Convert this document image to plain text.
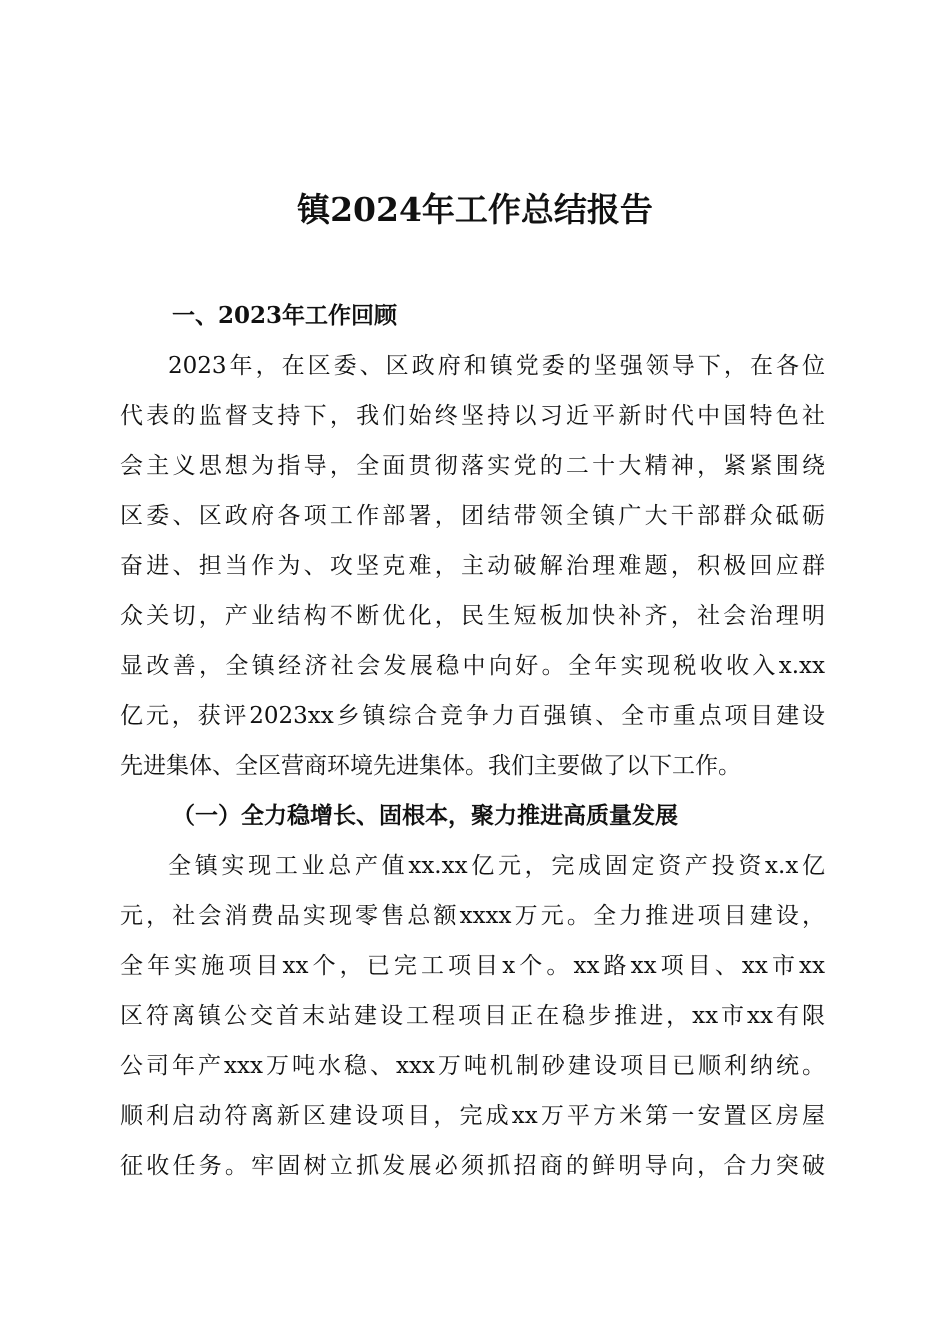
镇2024年工作总结报告
一、2023年工作回顾
2023年，在区委、区政府和镇党委的坚强领导下，在各位
代表的监督支持下，我们始终坚持以习近平新时代中国特色社
会主义思想为指导，全面贯彻落实党的二十大精神，紧紧围绕
区委、区政府各项工作部署，团结带领全镇广大干部群众砥砺
奋进、担当作为、攻坚克难，主动破解治理难题，积极回应群
众关切，产业结构不断优化，民生短板加快补齐，社会治理明
显改善，全镇经济社会发展稳中向好。全年实现税收收入x.xx
亿元，获评2023xx乡镇综合竞争力百强镇、全市重点项目建设
先进集体、全区营商环境先进集体。我们主要做了以下工作。
（一）全力稳增长、固根本，聚力推进高质量发展
全镇实现工业总产值xx.xx亿元，完成固定资产投资x.x亿
元，社会消费品实现零售总额xxxx万元。全力推进项目建设，
全年实施项目xx个，已完工项目x个。xx路xx项目、xx市xx
区符离镇公交首末站建设工程项目正在稳步推进，xx市xx有限
公司年产xxx万吨水稳、xxx万吨机制砂建设项目已顺利纳统。
顺利启动符离新区建设项目，完成xx万平方米第一安置区房屋
征收任务。牢固树立抓发展必须抓招商的鲜明导向，合力突破
